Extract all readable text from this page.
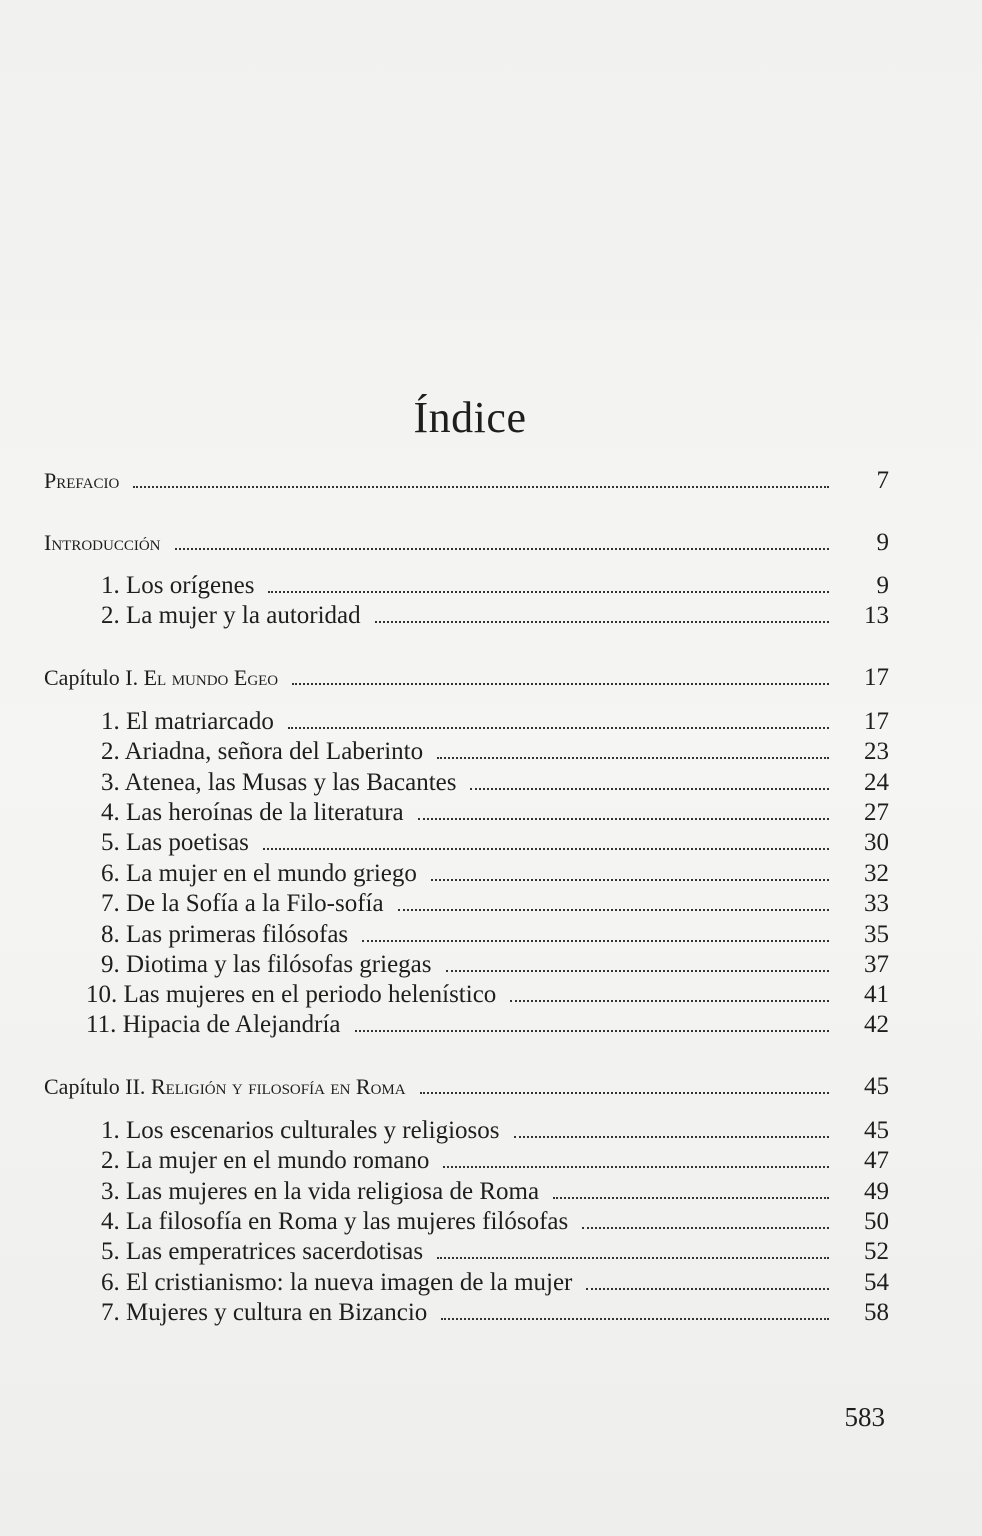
Índice
Prefacio	7
Introducción	9
1. Los orígenes	9
2. La mujer y la autoridad	13
Capítulo I. El mundo Egeo	17
1. El matriarcado	17
2. Ariadna, señora del Laberinto	23
3. Atenea, las Musas y las Bacantes	24
4. Las heroínas de la literatura	27
5. Las poetisas	30
6. La mujer en el mundo griego	32
7. De la Sofía a la Filo-sofía	33
8. Las primeras filósofas	35
9. Diotima y las filósofas griegas	37
10. Las mujeres en el periodo helenístico	41
11. Hipacia de Alejandría	42
Capítulo II. Religión y filosofía en Roma	45
1. Los escenarios culturales y religiosos	45
2. La mujer en el mundo romano	47
3. Las mujeres en la vida religiosa de Roma	49
4. La filosofía en Roma y las mujeres filósofas	50
5. Las emperatrices sacerdotisas	52
6. El cristianismo: la nueva imagen de la mujer	54
7. Mujeres y cultura en Bizancio	58
583
